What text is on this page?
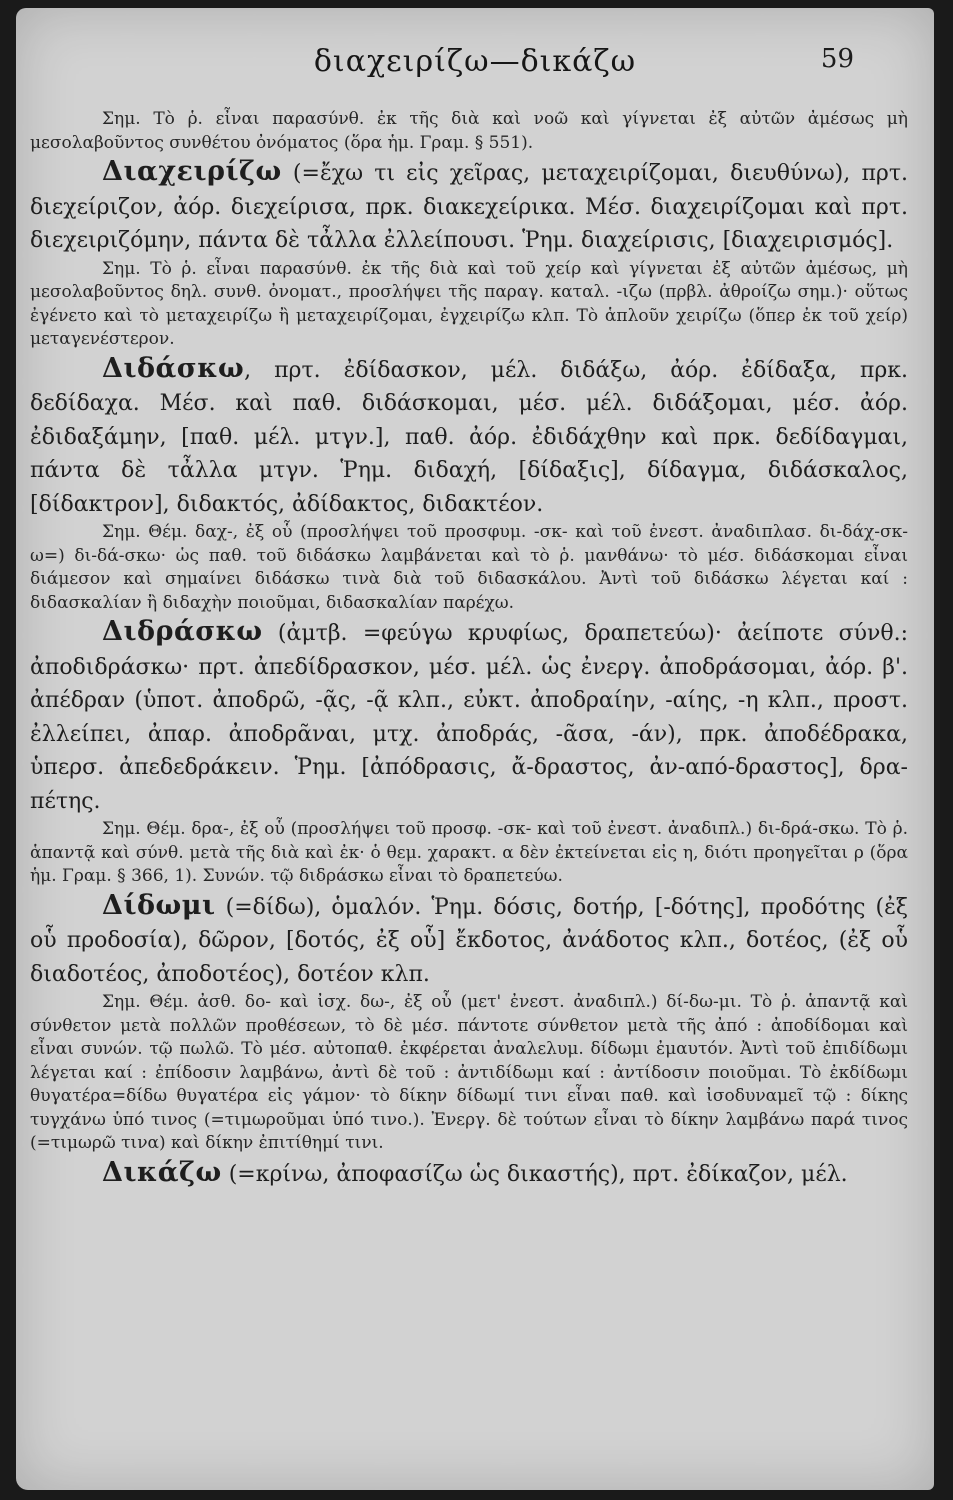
διαχειρίζω—δικάζω	59

Σημ. Τὸ ῥ. εἶναι παρασύνθ. ἐκ τῆς διὰ καὶ νοῶ καὶ γίγνεται ἐξ αὐτῶν ἀμέσως μὴ μεσολαβοῦντος συνθέτου ὀνόματος (ὅρα ἡμ. Γραμ. § 551).

Διαχειρίζω (=ἔχω τι εἰς χεῖρας, μεταχειρίζομαι, διευθύνω), πρτ. διεχείριζον, ἀόρ. διεχείρισα, πρκ. διακεχείρικα. Μέσ. διαχειρίζομαι καὶ πρτ. διεχειριζόμην, πάντα δὲ τἆλλα ἐλλείπουσι. Ῥημ. διαχείρισις, [διαχειρισμός].

Σημ. Τὸ ῥ. εἶναι παρασύνθ. ἐκ τῆς διὰ καὶ τοῦ χείρ καὶ γίγνεται ἐξ αὐτῶν ἀμέσως, μὴ μεσολαβοῦντος δηλ. συνθ. ὀνοματ., προσλήψει τῆς παραγ. καταλ. -ιζω (πρβλ. ἀθροίζω σημ.)· οὕτως ἐγένετο καὶ τὸ μεταχειρίζω ἢ μεταχειρίζομαι, ἐγχειρίζω κλπ. Τὸ ἁπλοῦν χειρίζω (ὅπερ ἐκ τοῦ χείρ) μεταγενέστερον.

Διδάσκω, πρτ. ἐδίδασκον, μέλ. διδάξω, ἀόρ. ἐδίδαξα, πρκ. δεδίδαχα. Μέσ. καὶ παθ. διδάσκομαι, μέσ. μέλ. διδάξομαι, μέσ. ἀόρ. ἐδιδαξάμην, [παθ. μέλ. μτγν.], παθ. ἀόρ. ἐδιδάχθην καὶ πρκ. δεδίδαγμαι, πάντα δὲ τἆλλα μτγν. Ῥημ. διδαχή, [δίδαξις], δίδαγμα, διδάσκαλος, [δίδακτρον], διδακτός, ἀδίδακτος, διδακτέον.

Σημ. Θέμ. δαχ-, ἐξ οὗ (προσλήψει τοῦ προσφυμ. -σκ- καὶ τοῦ ἐνεστ. ἀναδιπλασ. δι-δάχ-σκ-ω=) δι-δά-σκω· ὡς παθ. τοῦ διδάσκω λαμβάνεται καὶ τὸ ῥ. μανθάνω· τὸ μέσ. διδάσκομαι εἶναι διάμεσον καὶ σημαίνει διδάσκω τινὰ διὰ τοῦ διδασκάλου. Ἀντὶ τοῦ διδάσκω λέγεται καί : διδασκαλίαν ἢ διδαχὴν ποιοῦμαι, διδασκαλίαν παρέχω.

Διδράσκω (ἀμτβ. =φεύγω κρυφίως, δραπετεύω)· ἀείποτε σύνθ.: ἀποδιδράσκω· πρτ. ἀπεδίδρασκον, μέσ. μέλ. ὡς ἐνεργ. ἀποδράσομαι, ἀόρ. β'. ἀπέδραν (ὑποτ. ἀποδρῶ, -ᾷς, -ᾷ κλπ., εὐκτ. ἀποδραίην, -αίης, -η κλπ., προστ. ἐλλείπει, ἀπαρ. ἀποδρᾶναι, μτχ. ἀποδράς, -ᾶσα, -άν), πρκ. ἀποδέδρακα, ὑπερσ. ἀπεδεδράκειν. Ῥημ. [ἀπόδρασις, ἄ-δραστος, ἀν-από-δραστος], δρα-πέτης.

Σημ. Θέμ. δρα-, ἐξ οὗ (προσλήψει τοῦ προσφ. -σκ- καὶ τοῦ ἐνεστ. ἀναδιπλ.) δι-δρά-σκω. Τὸ ῥ. ἁπαντᾷ καὶ σύνθ. μετὰ τῆς διὰ καὶ ἐκ· ὁ θεμ. χαρακτ. α δὲν ἐκτείνεται εἰς η, διότι προηγεῖται ρ (ὅρα ἡμ. Γραμ. § 366, 1). Συνών. τῷ διδράσκω εἶναι τὸ δραπετεύω.

Δίδωμι (=δίδω), ὁμαλόν. Ῥημ. δόσις, δοτήρ, [-δότης], προδότης (ἐξ οὗ προδοσία), δῶρον, [δοτός, ἐξ οὗ] ἔκδοτος, ἀνάδοτος κλπ., δοτέος, (ἐξ οὗ διαδοτέος, ἀποδοτέος), δοτέον κλπ.

Σημ. Θέμ. ἀσθ. δο- καὶ ἰσχ. δω-, ἐξ οὗ (μετ' ἐνεστ. ἀναδιπλ.) δί-δω-μι. Τὸ ῥ. ἁπαντᾷ καὶ σύνθετον μετὰ πολλῶν προθέσεων, τὸ δὲ μέσ. πάντοτε σύνθετον μετὰ τῆς ἀπό : ἀποδίδομαι καὶ εἶναι συνών. τῷ πωλῶ. Τὸ μέσ. αὐτοπαθ. ἐκφέρεται ἀναλελυμ. δίδωμι ἐμαυτόν. Ἀντὶ τοῦ ἐπιδίδωμι λέγεται καί : ἐπίδοσιν λαμβάνω, ἀντὶ δὲ τοῦ : ἀντιδίδωμι καί : ἀντίδοσιν ποιοῦμαι. Τὸ ἐκδίδωμι θυγατέρα=δίδω θυγατέρα εἰς γάμον· τὸ δίκην δίδωμί τινι εἶναι παθ. καὶ ἰσοδυναμεῖ τῷ : δίκης τυγχάνω ὑπό τινος (=τιμωροῦμαι ὑπό τινο.). Ἐνεργ. δὲ τούτων εἶναι τὸ δίκην λαμβάνω παρά τινος (=τιμωρῶ τινα) καὶ δίκην ἐπιτίθημί τινι.

Δικάζω (=κρίνω, ἀποφασίζω ὡς δικαστής), πρτ. ἐδίκαζον, μέλ.
